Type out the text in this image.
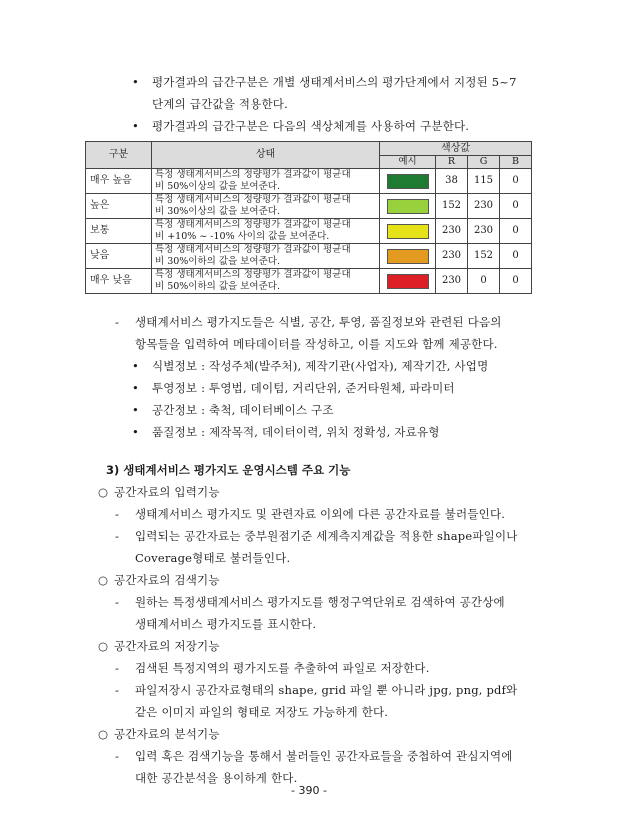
• 평가결과의 급간구분은 개별 생태계서비스의 평가단계에서 지정된 5~7
단계의 급간값을 적용한다.
• 평가결과의 급간구분은 다음의 색상체계를 사용하여 구분한다.
구분	상태	색상값			
		예시	R	G	B
매우 높음	특정 생태계서비스의 정량평가 결과값이 평균대
비 50%이상의 값을 보여준다.		38	115	0
높은	특정 생태계서비스의 정량평가 결과값이 평균대
비 30%이상의 값을 보여준다.		152	230	0
보통	특정 생태계서비스의 정량평가 결과값이 평균대
비 +10% ~ -10% 사이의 값을 보여준다.		230	230	0
낮음	특정 생태계서비스의 정량평가 결과값이 평균대
비 30%이하의 값을 보여준다.		230	152	0
매우 낮음	특정 생태계서비스의 정량평가 결과값이 평균대
비 50%이하의 값을 보여준다.		230	0	0
- 생태계서비스 평가지도들은 식별, 공간, 투영, 품질정보와 관련된 다음의
항목들을 입력하여 메타데이터를 작성하고, 이를 지도와 함께 제공한다.
• 식별정보 : 작성주체(발주처), 제작기관(사업자), 제작기간, 사업명
• 투영정보 : 투영법, 데이텀, 거리단위, 준거타원체, 파라미터
• 공간정보 : 축척, 데이터베이스 구조
• 품질정보 : 제작목적, 데이터이력, 위치 정확성, 자료유형
3) 생태계서비스 평가지도 운영시스템 주요 기능
○ 공간자료의 입력기능
- 생태계서비스 평가지도 및 관련자료 이외에 다른 공간자료를 불러들인다.
- 입력되는 공간자료는 중부원점기준 세계측지계값을 적용한 shape파일이나
Coverage형태로 불러들인다.
○ 공간자료의 검색기능
- 원하는 특정생태계서비스 평가지도를 행정구역단위로 검색하여 공간상에
생태계서비스 평가지도를 표시한다.
○ 공간자료의 저장기능
- 검색된 특정지역의 평가지도를 추출하여 파일로 저장한다.
- 파일저장시 공간자료형태의 shape, grid 파일 뿐 아니라 jpg, png, pdf와
같은 이미지 파일의 형태로 저장도 가능하게 한다.
○ 공간자료의 분석기능
- 입력 혹은 검색기능을 통해서 불러들인 공간자료들을 중첩하여 관심지역에
대한 공간분석을 용이하게 한다.
- 390 -
